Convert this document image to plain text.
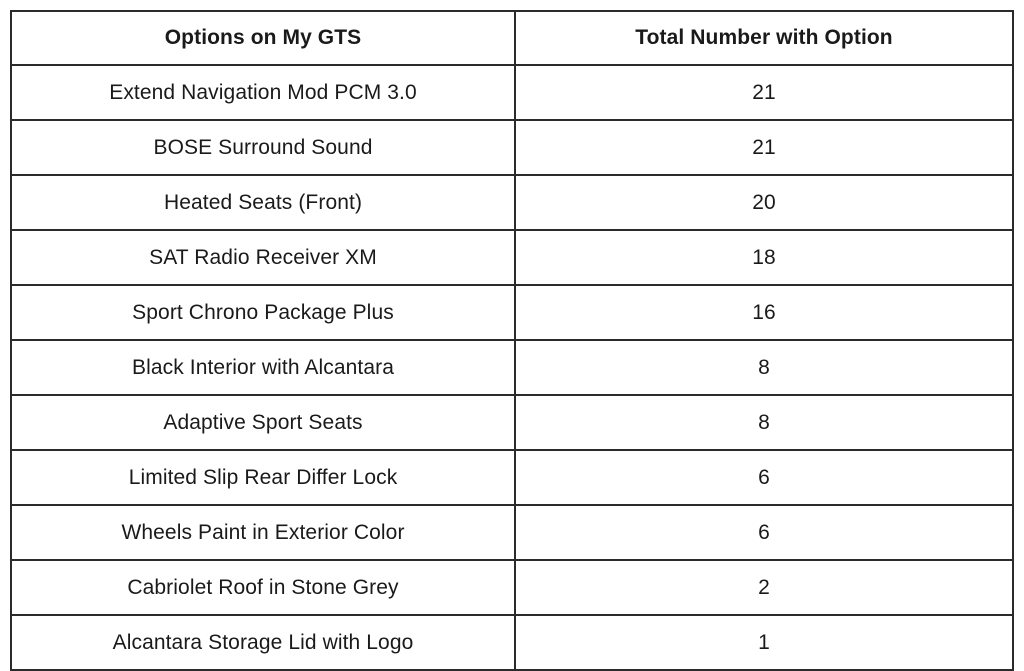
Options on My GTS	Total Number with Option
Extend Navigation Mod PCM 3.0	21
BOSE Surround Sound	21
Heated Seats (Front)	20
SAT Radio Receiver XM	18
Sport Chrono Package Plus	16
Black Interior with Alcantara	8
Adaptive Sport Seats	8
Limited Slip Rear Differ Lock	6
Wheels Paint in Exterior Color	6
Cabriolet Roof in Stone Grey	2
Alcantara Storage Lid with Logo	1
